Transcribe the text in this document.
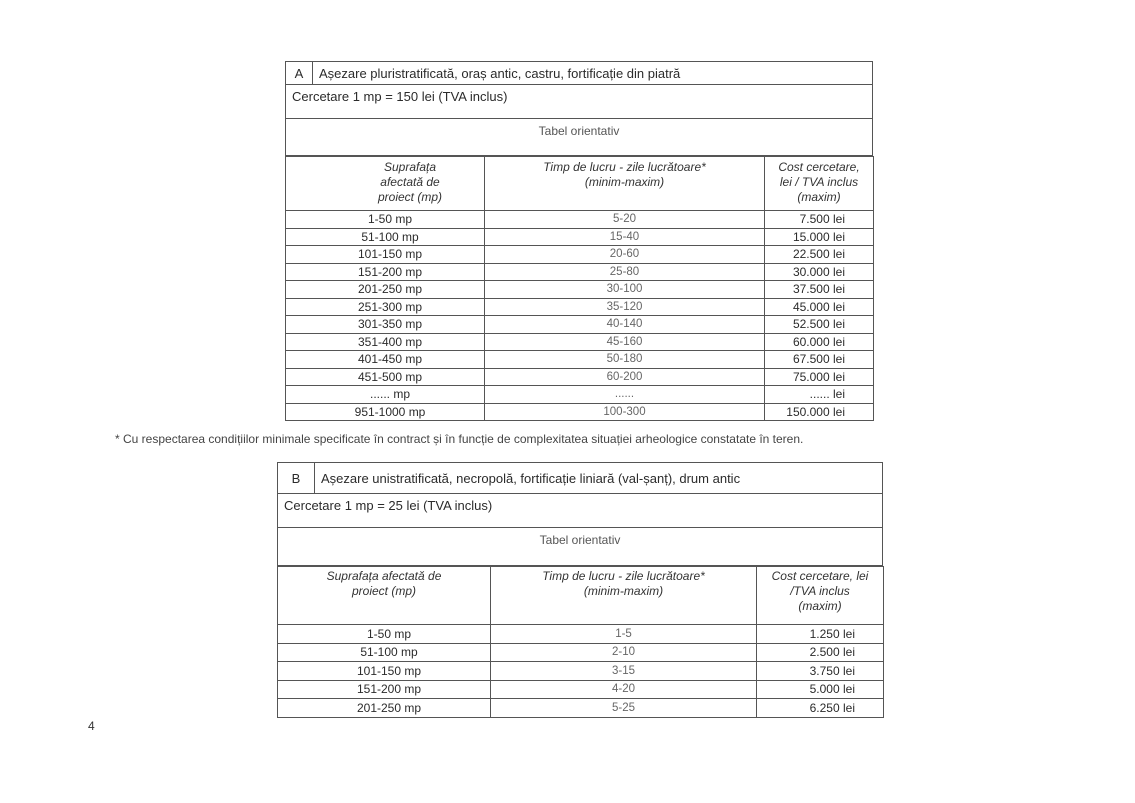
A	Așezare pluristratificată, oraș antic, castru, fortificație din piatră
Cercetare 1 mp = 150 lei (TVA inclus)
Tabel orientativ
Suprafața afectată de proiect (mp)	Timp de lucru - zile lucrătoare* (minim-maxim)	Cost cercetare, lei / TVA inclus (maxim)
1-50 mp	5-20	7.500 lei
51-100 mp	15-40	15.000 lei
101-150 mp	20-60	22.500 lei
151-200 mp	25-80	30.000 lei
201-250 mp	30-100	37.500 lei
251-300 mp	35-120	45.000 lei
301-350 mp	40-140	52.500 lei
351-400 mp	45-160	60.000 lei
401-450 mp	50-180	67.500 lei
451-500 mp	60-200	75.000 lei
...... mp	......	...... lei
951-1000 mp	100-300	150.000 lei
* Cu respectarea condițiilor minimale specificate în contract și în funcție de complexitatea situației arheologice constatate în teren.
B	Așezare unistratificată, necropolă, fortificație liniară (val-șanț), drum antic
Cercetare 1 mp = 25 lei (TVA inclus)
Tabel orientativ
Suprafața afectată de proiect (mp)	Timp de lucru - zile lucrătoare* (minim-maxim)	Cost cercetare, lei /TVA inclus (maxim)
1-50 mp	1-5	1.250 lei
51-100 mp	2-10	2.500 lei
101-150 mp	3-15	3.750 lei
151-200 mp	4-20	5.000 lei
201-250 mp	5-25	6.250 lei
4
